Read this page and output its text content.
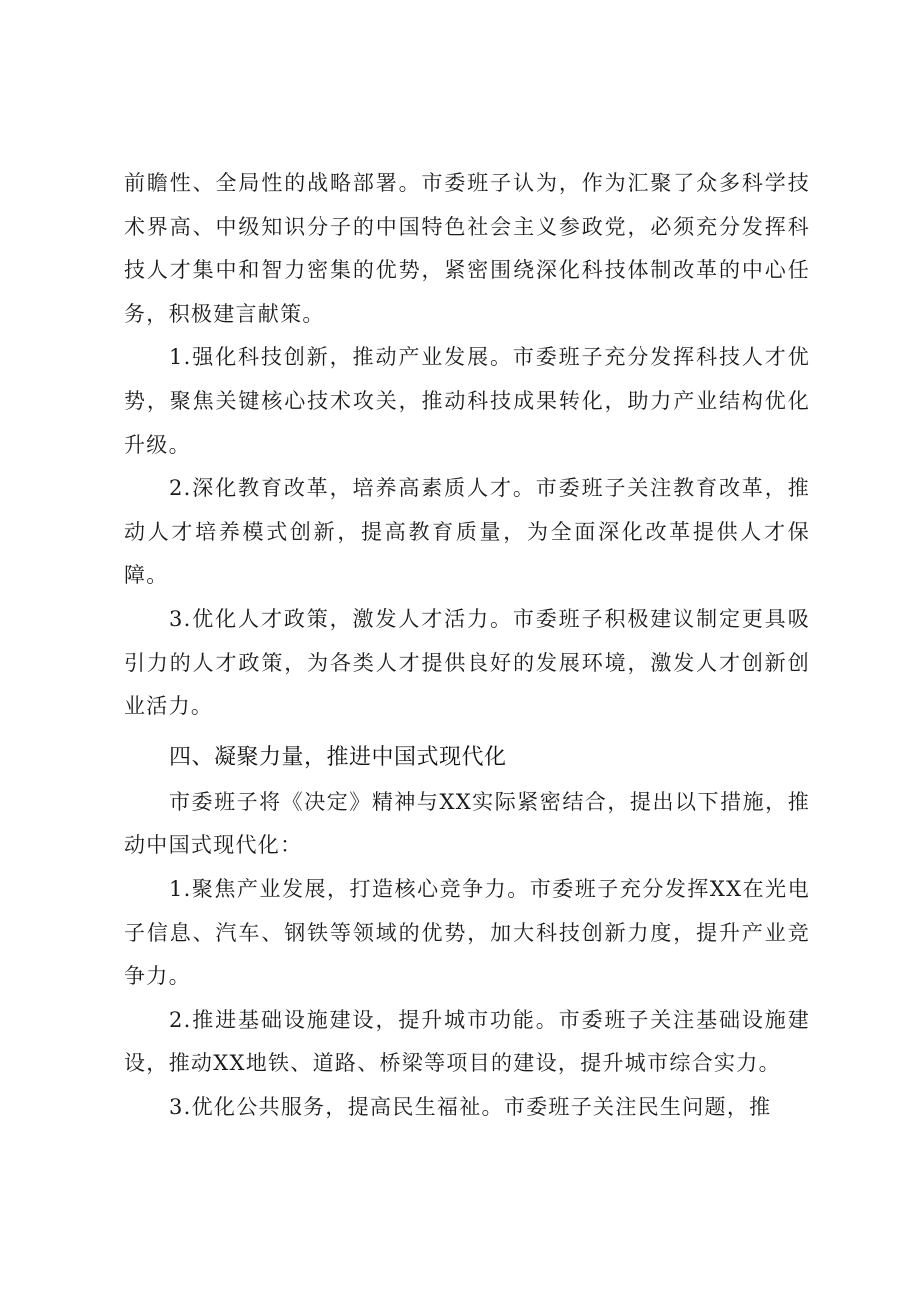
前瞻性、全局性的战略部署。市委班子认为，作为汇聚了众多科学技术界高、中级知识分子的中国特色社会主义参政党，必须充分发挥科技人才集中和智力密集的优势，紧密围绕深化科技体制改革的中心任务，积极建言献策。

1.强化科技创新，推动产业发展。市委班子充分发挥科技人才优势，聚焦关键核心技术攻关，推动科技成果转化，助力产业结构优化升级。

2.深化教育改革，培养高素质人才。市委班子关注教育改革，推动人才培养模式创新，提高教育质量，为全面深化改革提供人才保障。

3.优化人才政策，激发人才活力。市委班子积极建议制定更具吸引力的人才政策，为各类人才提供良好的发展环境，激发人才创新创业活力。

四、凝聚力量，推进中国式现代化

市委班子将《决定》精神与XX实际紧密结合，提出以下措施，推动中国式现代化：

1.聚焦产业发展，打造核心竞争力。市委班子充分发挥XX在光电子信息、汽车、钢铁等领域的优势，加大科技创新力度，提升产业竞争力。

2.推进基础设施建设，提升城市功能。市委班子关注基础设施建设，推动XX地铁、道路、桥梁等项目的建设，提升城市综合实力。

3.优化公共服务，提高民生福祉。市委班子关注民生问题，推
